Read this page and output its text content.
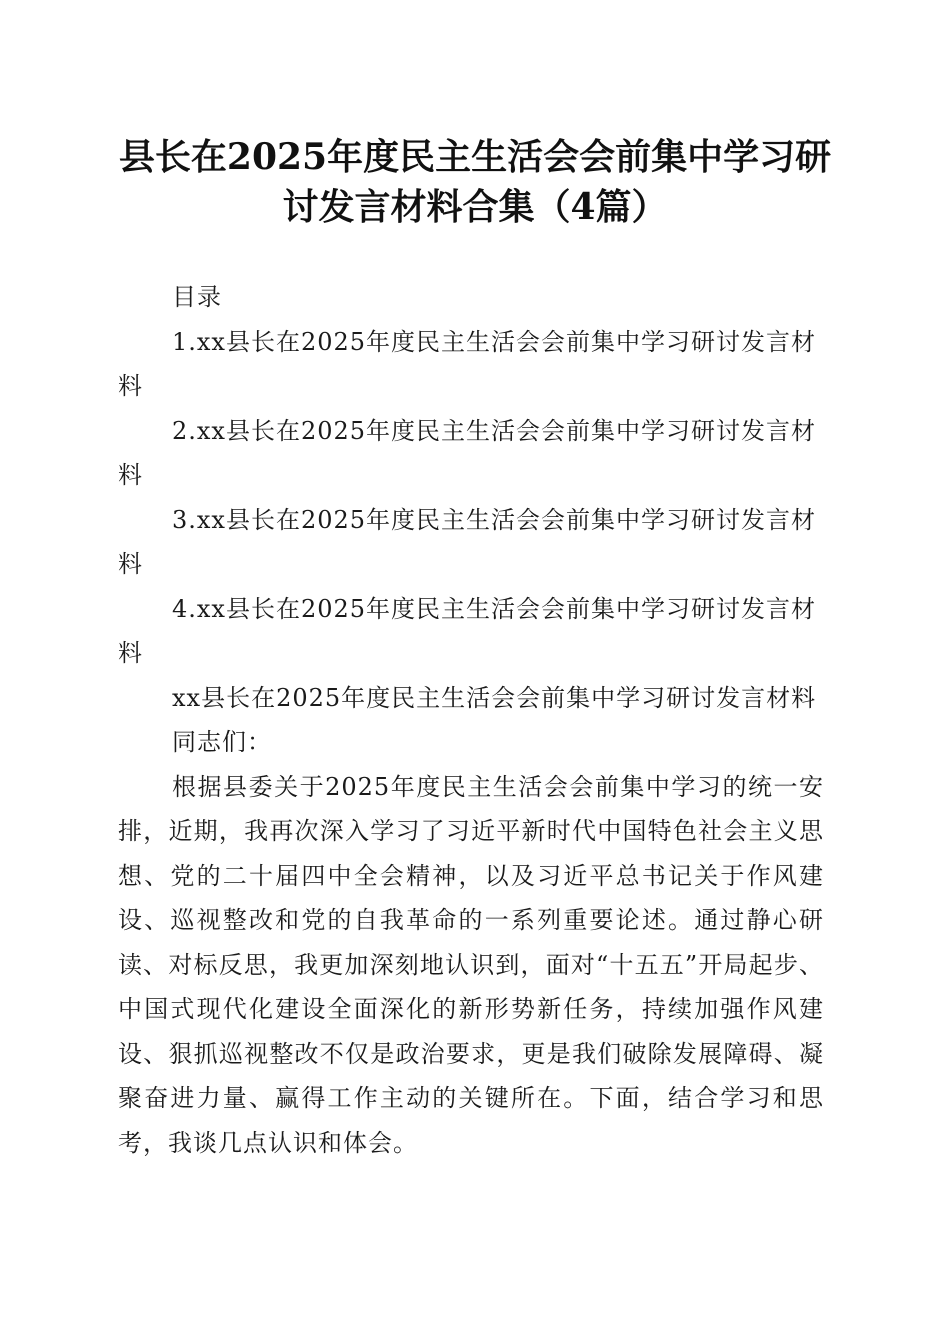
县长在2025年度民主生活会会前集中学习研
讨发言材料合集（4篇）
目录
1.xx县长在2025年度民主生活会会前集中学习研讨发言材
料
2.xx县长在2025年度民主生活会会前集中学习研讨发言材
料
3.xx县长在2025年度民主生活会会前集中学习研讨发言材
料
4.xx县长在2025年度民主生活会会前集中学习研讨发言材
料
xx县长在2025年度民主生活会会前集中学习研讨发言材料
同志们：
根据县委关于2025年度民主生活会会前集中学习的统一安排，近期，我再次深入学习了习近平新时代中国特色社会主义思想、党的二十届四中全会精神，以及习近平总书记关于作风建设、巡视整改和党的自我革命的一系列重要论述。通过静心研读、对标反思，我更加深刻地认识到，面对“十五五”开局起步、中国式现代化建设全面深化的新形势新任务，持续加强作风建设、狠抓巡视整改不仅是政治要求，更是我们破除发展障碍、凝聚奋进力量、赢得工作主动的关键所在。下面，结合学习和思考，我谈几点认识和体会。
